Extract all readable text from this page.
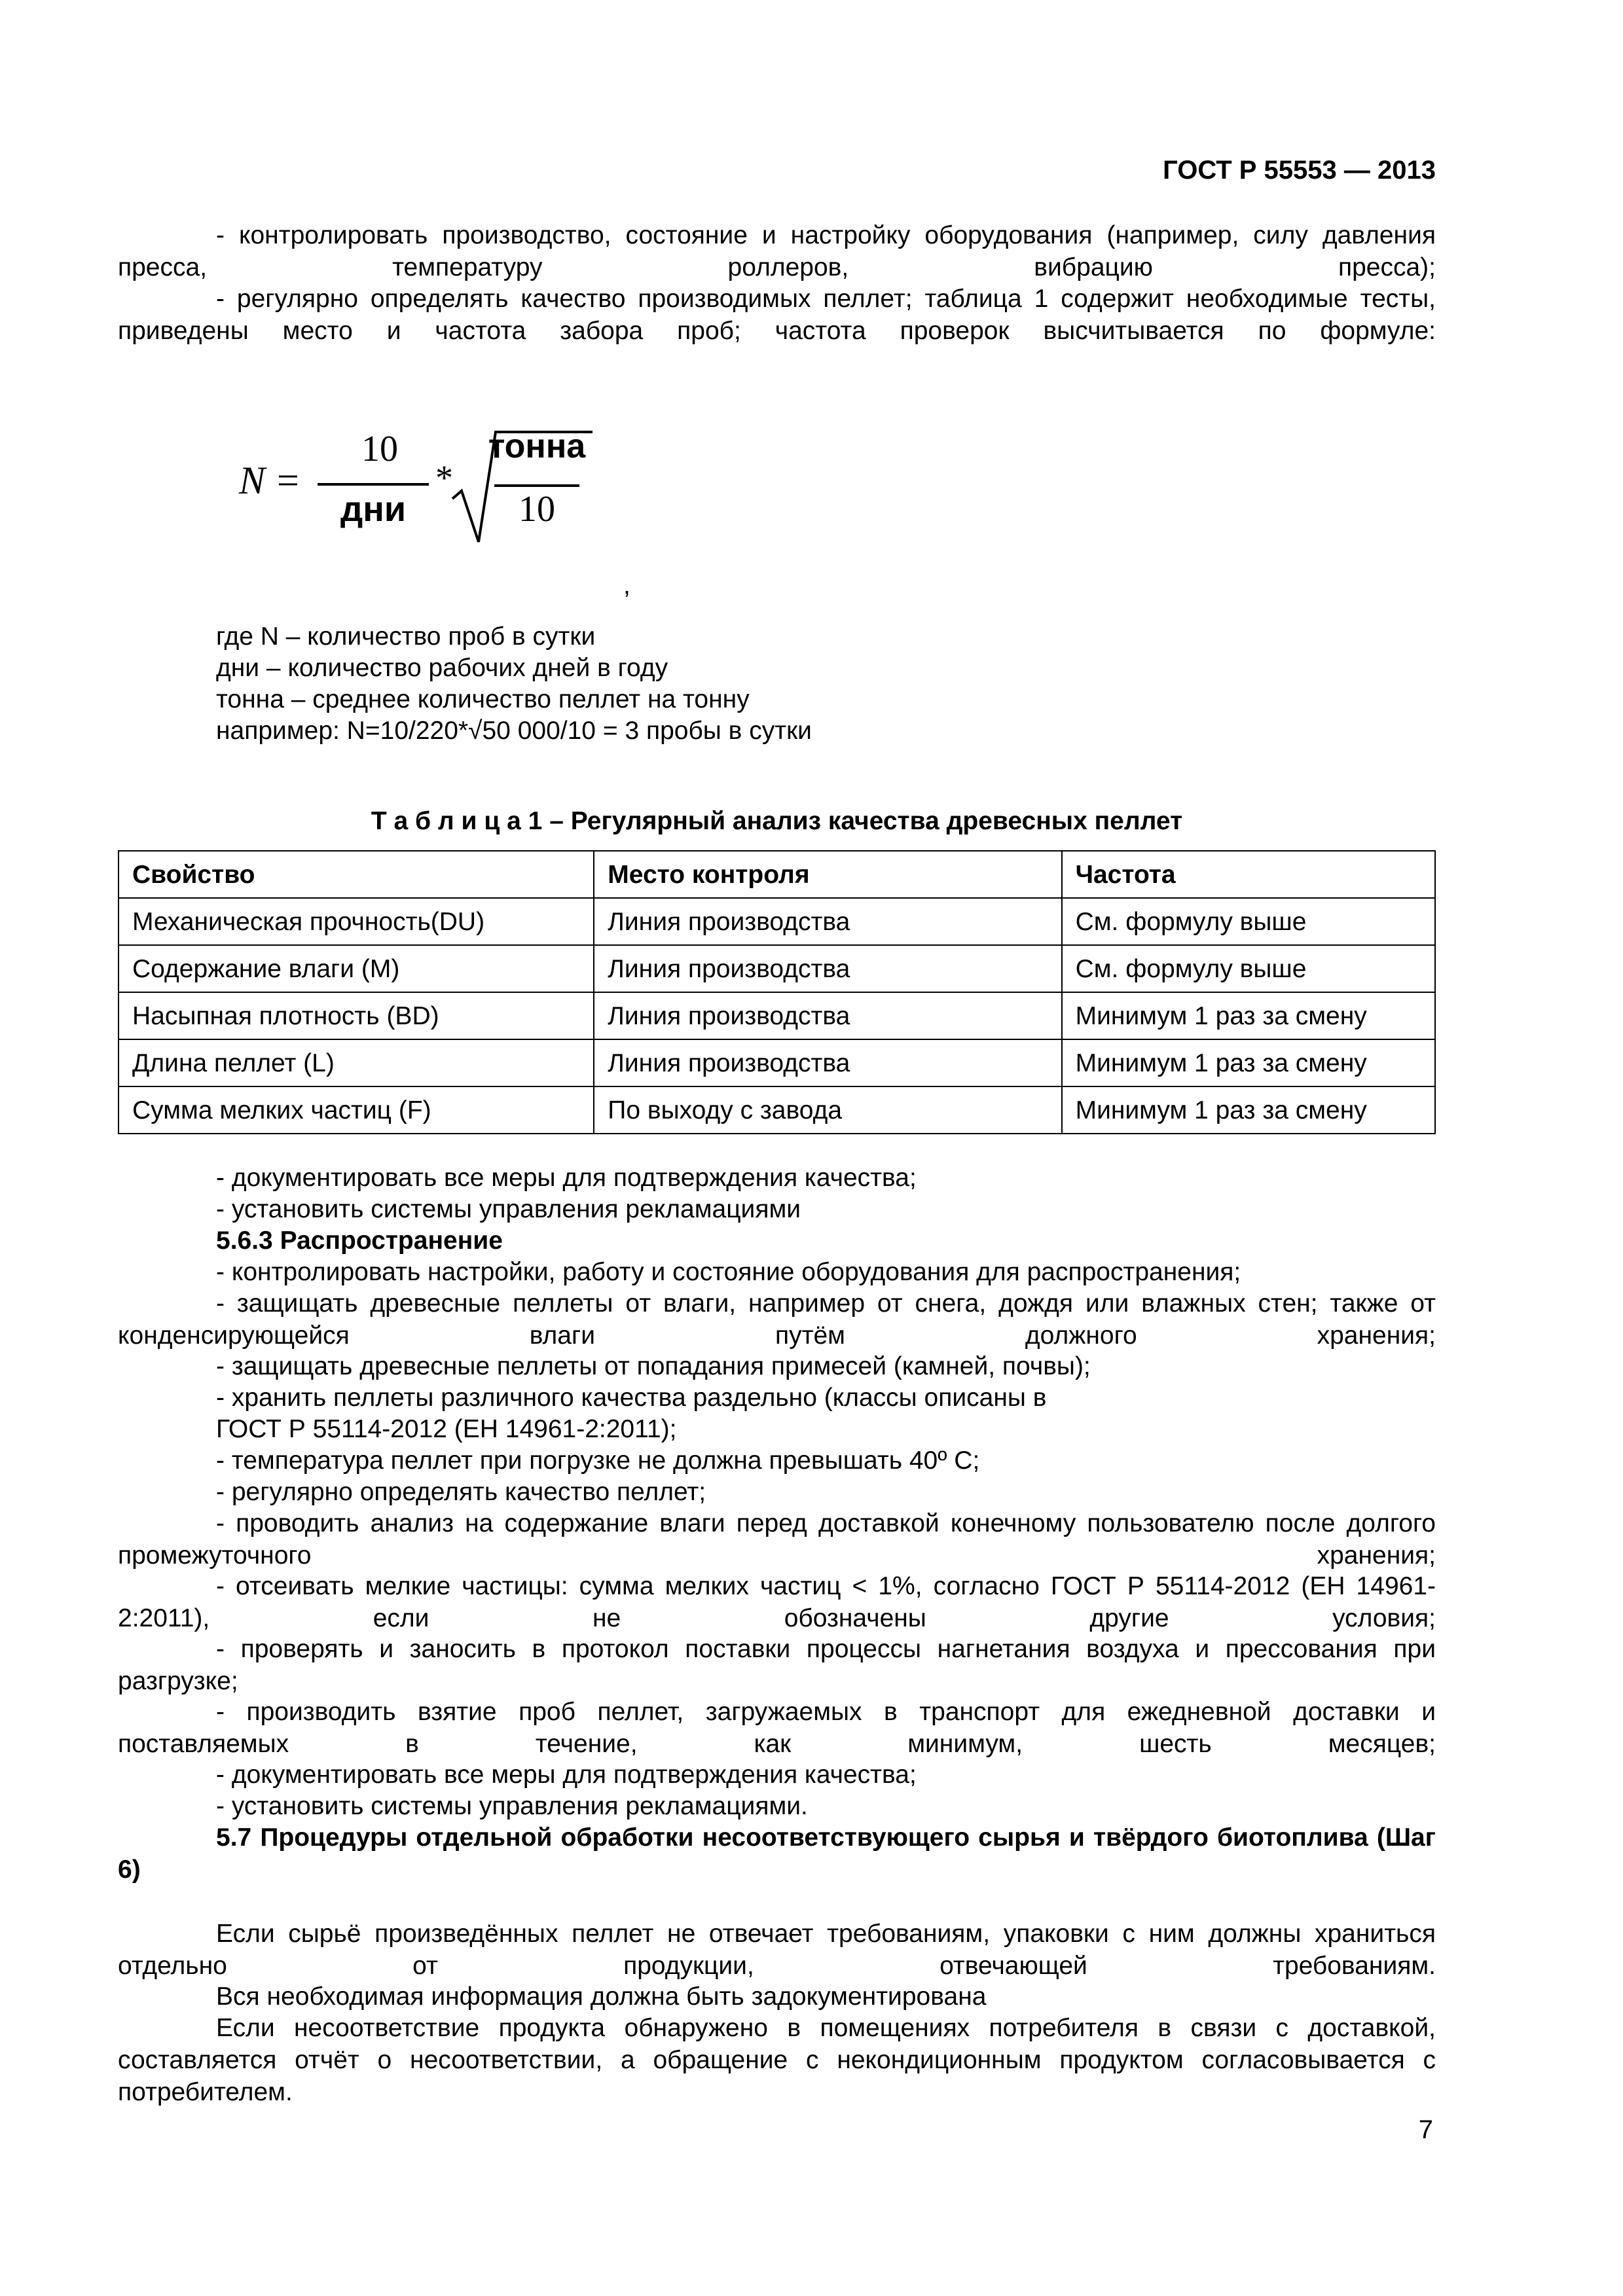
ГОСТ Р 55553 — 2013
- контролировать производство, состояние и настройку оборудования (например, силу давления пресса, температуру роллеров, вибрацию пресса);
- регулярно определять качество производимых пеллет; таблица 1 содержит необходимые тесты, приведены место и частота забора проб; частота проверок высчитывается по формуле:
N =
10
дни
*
тонна
10
,
где N – количество проб в сутки
дни – количество рабочих дней в году
тонна – среднее количество пеллет на тонну
например: N=10/220*√50 000/10 = 3 пробы в сутки
Т а б л и ц а 1 – Регулярный анализ качества древесных пеллет
Свойство	Место контроля	Частота
Механическая прочность(DU)	Линия производства	См. формулу выше
Содержание влаги (М)	Линия производства	См. формулу выше
Насыпная плотность (BD)	Линия производства	Минимум 1 раз за смену
Длина пеллет (L)	Линия производства	Минимум 1 раз за смену
Сумма мелких частиц (F)	По выходу с завода	Минимум 1 раз за смену
- документировать все меры для подтверждения качества;
- установить системы управления рекламациями
5.6.3 Распространение
- контролировать настройки, работу и состояние оборудования для распространения;
- защищать древесные пеллеты от влаги, например от снега, дождя или влажных стен; также от конденсирующейся влаги путём должного хранения;
- защищать древесные пеллеты от попадания примесей (камней, почвы);
- хранить пеллеты различного качества раздельно (классы описаны в
ГОСТ Р 55114-2012 (ЕН 14961-2:2011);
- температура пеллет при погрузке не должна превышать 40º С;
- регулярно определять качество пеллет;
- проводить анализ на содержание влаги перед доставкой конечному пользователю после долгого промежуточного хранения;
- отсеивать мелкие частицы: сумма мелких частиц < 1%, согласно ГОСТ Р 55114-2012 (ЕН 14961-2:2011), если не обозначены другие условия;
- проверять и заносить в протокол поставки процессы нагнетания воздуха и прессования при разгрузке;
- производить взятие проб пеллет, загружаемых в транспорт для ежедневной доставки и поставляемых в течение, как минимум, шесть месяцев;
- документировать все меры для подтверждения качества;
- установить системы управления рекламациями.
5.7 Процедуры отдельной обработки несоответствующего сырья и твёрдого биотоплива (Шаг 6)
Если сырьё произведённых пеллет не отвечает требованиям, упаковки с ним должны храниться отдельно от продукции, отвечающей требованиям.
Вся необходимая информация должна быть задокументирована
Если несоответствие продукта обнаружено в помещениях потребителя в связи с доставкой, составляется отчёт о несоответствии, а обращение с некондиционным продуктом согласовывается с потребителем.
7
